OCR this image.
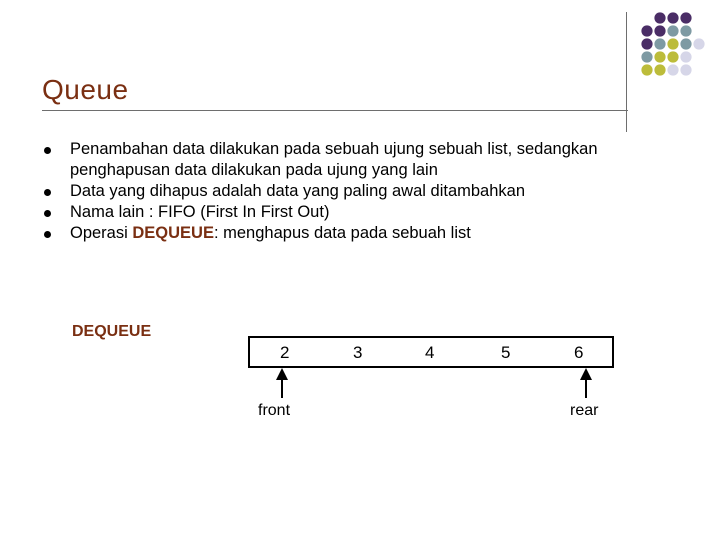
Queue
Penambahan data dilakukan pada sebuah ujung sebuah list, sedangkan penghapusan data dilakukan pada ujung yang lain
Data yang dihapus adalah data yang paling awal ditambahkan
Nama lain : FIFO (First In First Out)
Operasi DEQUEUE: menghapus data pada sebuah list
DEQUEUE
2	3	4	5	6
front	rear
